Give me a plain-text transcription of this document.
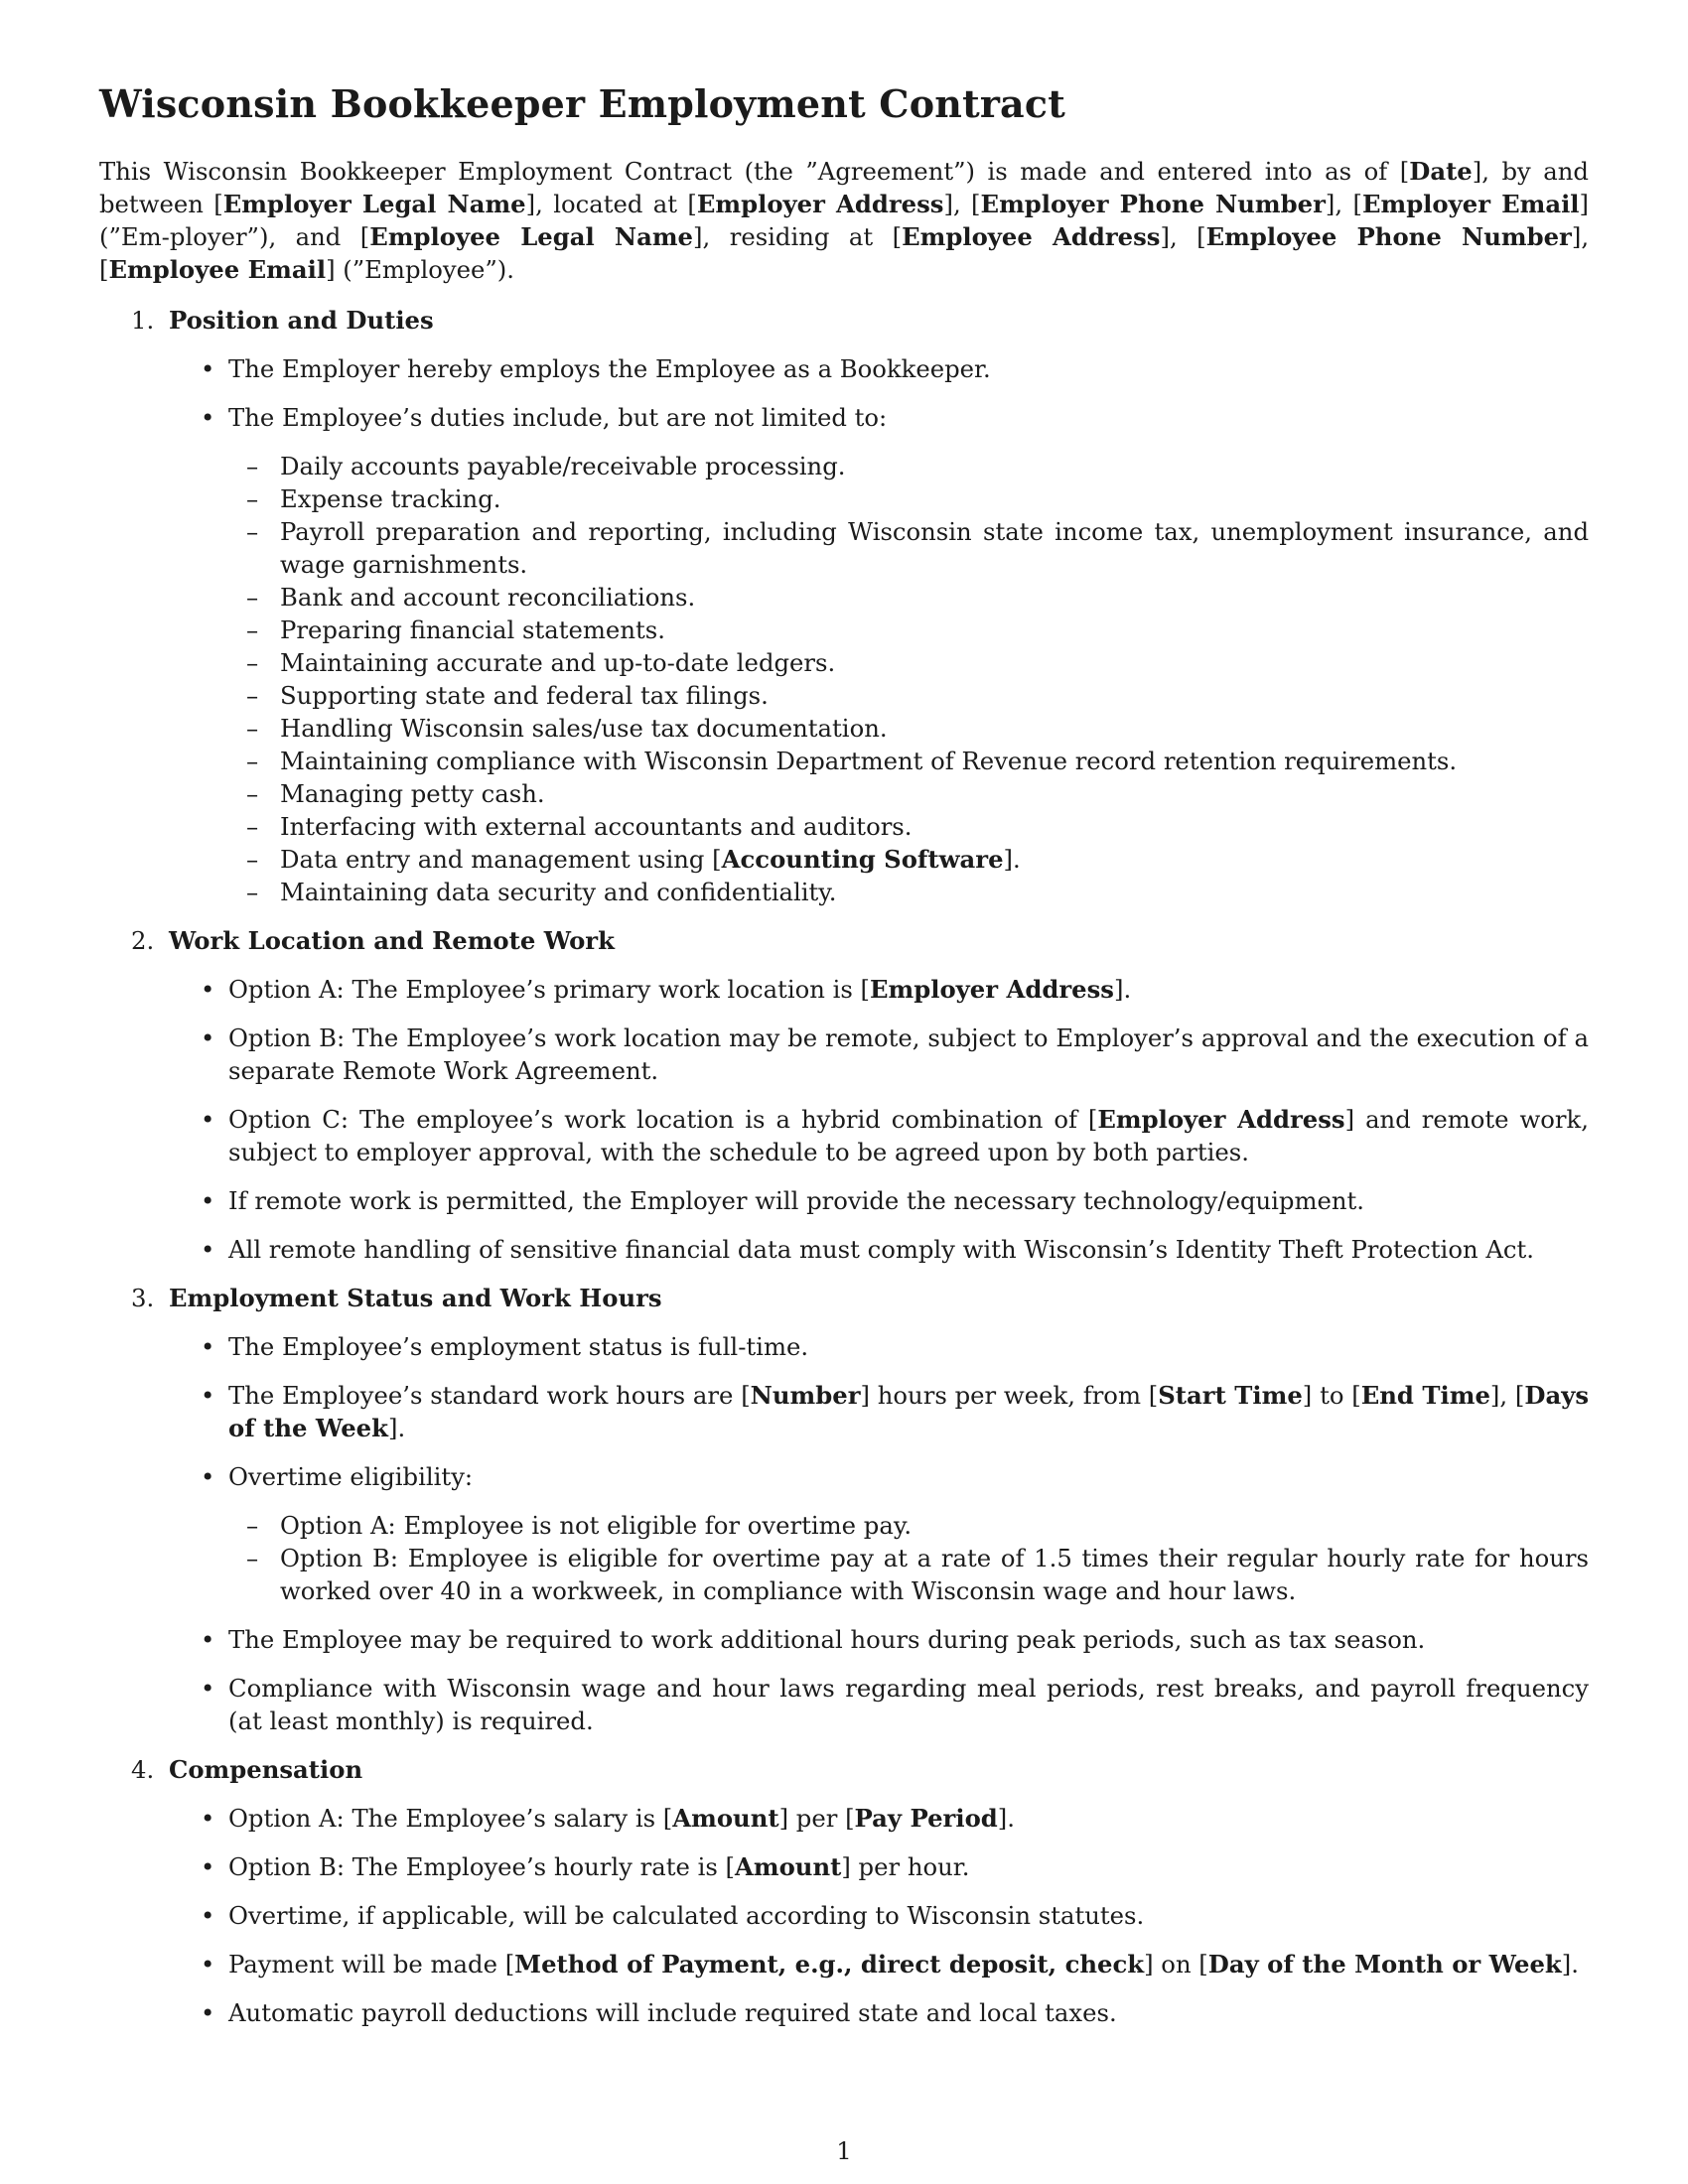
Wisconsin Bookkeeper Employment Contract

This Wisconsin Bookkeeper Employment Contract (the ”Agreement”) is made and entered into as of [Date], by and between [Employer Legal Name], located at [Employer Address], [Employer Phone Number], [Employer Email] (”Em-ployer”), and [Employee Legal Name], residing at [Employee Address], [Employee Phone Number], [Employee Email] (”Employee”).

1. Position and Duties
• The Employer hereby employs the Employee as a Bookkeeper.
• The Employee’s duties include, but are not limited to:
– Daily accounts payable/receivable processing.
– Expense tracking.
– Payroll preparation and reporting, including Wisconsin state income tax, unemployment insurance, and wage garnishments.
– Bank and account reconciliations.
– Preparing financial statements.
– Maintaining accurate and up-to-date ledgers.
– Supporting state and federal tax filings.
– Handling Wisconsin sales/use tax documentation.
– Maintaining compliance with Wisconsin Department of Revenue record retention requirements.
– Managing petty cash.
– Interfacing with external accountants and auditors.
– Data entry and management using [Accounting Software].
– Maintaining data security and confidentiality.
2. Work Location and Remote Work
• Option A: The Employee’s primary work location is [Employer Address].
• Option B: The Employee’s work location may be remote, subject to Employer’s approval and the execution of a separate Remote Work Agreement.
• Option C: The employee’s work location is a hybrid combination of [Employer Address] and remote work, subject to employer approval, with the schedule to be agreed upon by both parties.
• If remote work is permitted, the Employer will provide the necessary technology/equipment.
• All remote handling of sensitive financial data must comply with Wisconsin’s Identity Theft Protection Act.
3. Employment Status and Work Hours
• The Employee’s employment status is full-time.
• The Employee’s standard work hours are [Number] hours per week, from [Start Time] to [End Time], [Days of the Week].
• Overtime eligibility:
– Option A: Employee is not eligible for overtime pay.
– Option B: Employee is eligible for overtime pay at a rate of 1.5 times their regular hourly rate for hours worked over 40 in a workweek, in compliance with Wisconsin wage and hour laws.
• The Employee may be required to work additional hours during peak periods, such as tax season.
• Compliance with Wisconsin wage and hour laws regarding meal periods, rest breaks, and payroll frequency (at least monthly) is required.
4. Compensation
• Option A: The Employee’s salary is [Amount] per [Pay Period].
• Option B: The Employee’s hourly rate is [Amount] per hour.
• Overtime, if applicable, will be calculated according to Wisconsin statutes.
• Payment will be made [Method of Payment, e.g., direct deposit, check] on [Day of the Month or Week].
• Automatic payroll deductions will include required state and local taxes.
1
